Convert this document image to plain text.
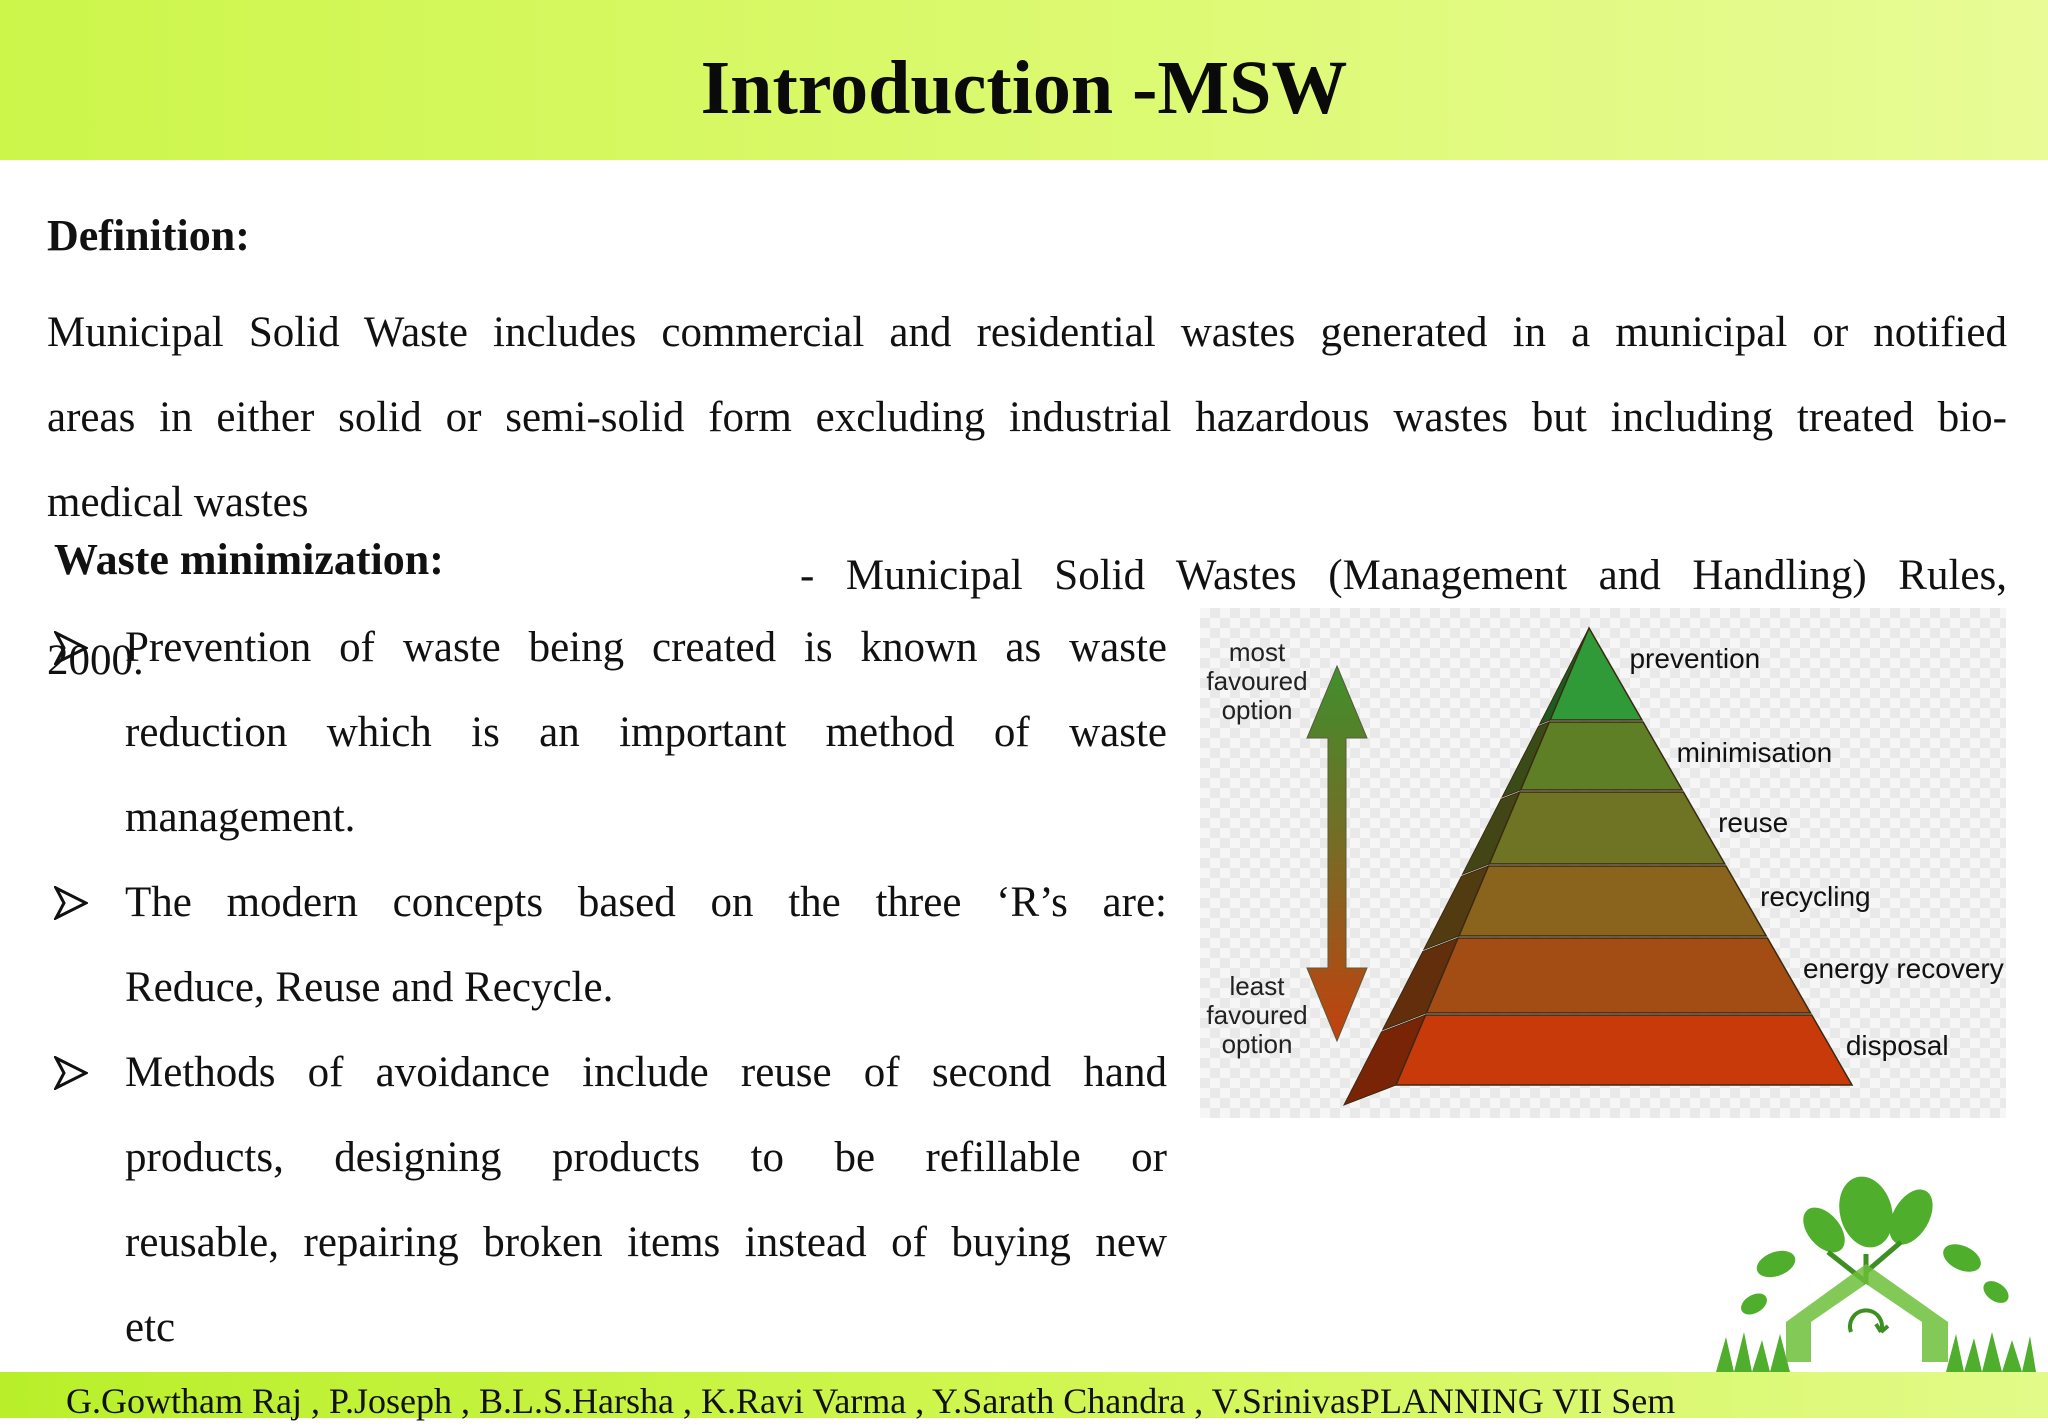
Introduction -MSW
Definition:
Municipal Solid Waste includes commercial and residential wastes generated in a municipal or notified
areas in either solid or semi-solid form excluding industrial hazardous wastes but including treated bio-
medical wastes
- Municipal Solid Wastes (Management and Handling) Rules,
2000.
Waste minimization:
Prevention of waste being created is known as waste
reduction which is an important method of waste
management.
The modern concepts based on the three ‘R’s are:
Reduce, Reuse and Recycle.
Methods of avoidance include reuse of second hand
products, designing products to be refillable or
reusable, repairing broken items instead of buying new
etc
most
favoured
option
least
favoured
option
prevention
minimisation
reuse
recycling
energy recovery
disposal
G.Gowtham Raj , P.Joseph , B.L.S.Harsha , K.Ravi Varma , Y.Sarath Chandra , V.SrinivasPLANNING VII Sem
